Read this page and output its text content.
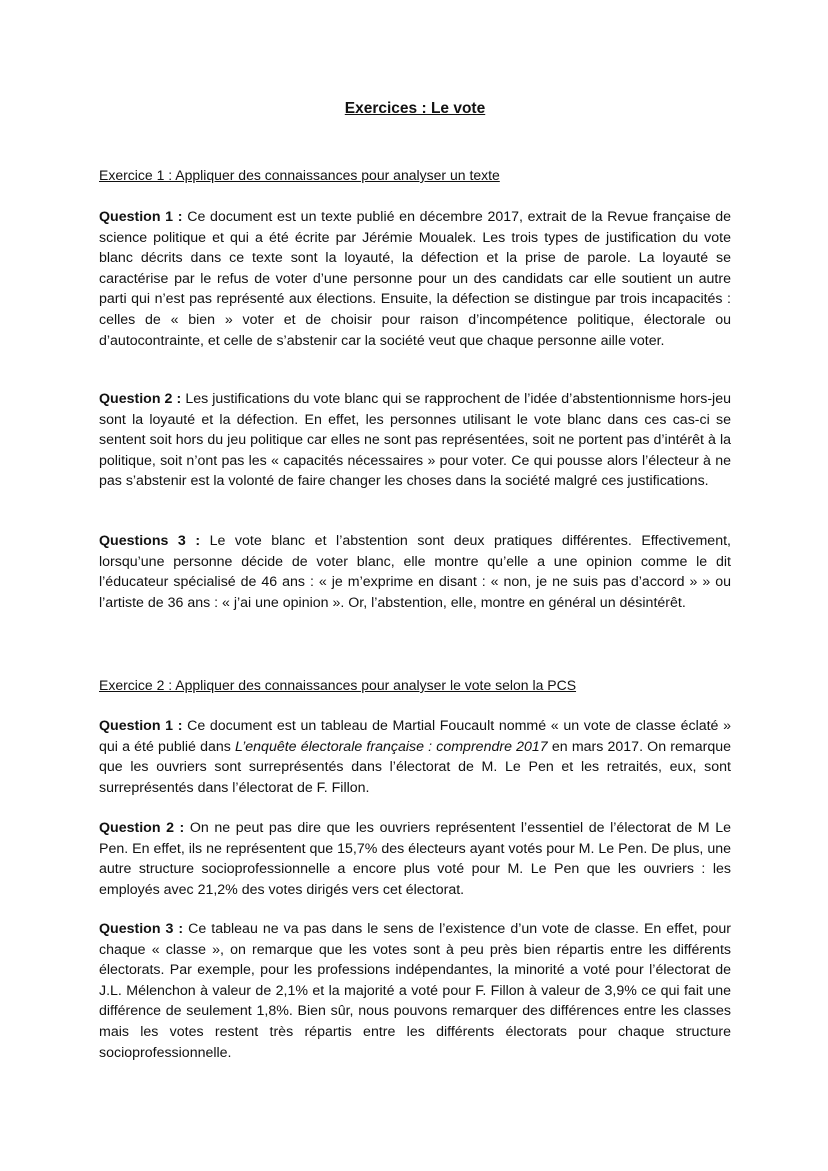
Exercices : Le vote
Exercice 1 : Appliquer des connaissances pour analyser un texte

Question 1 : Ce document est un texte publié en décembre 2017, extrait de la Revue française de science politique et qui a été écrite par Jérémie Moualek. Les trois types de justification du vote blanc décrits dans ce texte sont la loyauté, la défection et la prise de parole. La loyauté se caractérise par le refus de voter d’une personne pour un des candidats car elle soutient un autre parti qui n’est pas représenté aux élections. Ensuite, la défection se distingue par trois incapacités : celles de « bien » voter et de choisir pour raison d’incompétence politique, électorale ou d’autocontrainte, et celle de s’abstenir car la société veut que chaque personne aille voter.

Question 2 : Les justifications du vote blanc qui se rapprochent de l’idée d’abstentionnisme hors-jeu sont la loyauté et la défection. En effet, les personnes utilisant le vote blanc dans ces cas-ci se sentent soit hors du jeu politique car elles ne sont pas représentées, soit ne portent pas d’intérêt à la politique, soit n’ont pas les « capacités nécessaires » pour voter. Ce qui pousse alors l’électeur à ne pas s’abstenir est la volonté de faire changer les choses dans la société malgré ces justifications.

Questions 3 : Le vote blanc et l’abstention sont deux pratiques différentes. Effectivement, lorsqu’une personne décide de voter blanc, elle montre qu’elle a une opinion comme le dit l’éducateur spécialisé de 46 ans : « je m’exprime en disant : « non, je ne suis pas d’accord » » ou l’artiste de 36 ans : « j’ai une opinion ». Or, l’abstention, elle, montre en général un désintérêt.

Exercice 2 : Appliquer des connaissances pour analyser le vote selon la PCS

Question 1 : Ce document est un tableau de Martial Foucault nommé « un vote de classe éclaté » qui a été publié dans L’enquête électorale française : comprendre 2017 en mars 2017. On remarque que les ouvriers sont surreprésentés dans l’électorat de M. Le Pen et les retraités, eux, sont surreprésentés dans l’électorat de F. Fillon.

Question 2 : On ne peut pas dire que les ouvriers représentent l’essentiel de l’électorat de M Le Pen. En effet, ils ne représentent que 15,7% des électeurs ayant votés pour M. Le Pen. De plus, une autre structure socioprofessionnelle a encore plus voté pour M. Le Pen que les ouvriers : les employés avec 21,2% des votes dirigés vers cet électorat.

Question 3 : Ce tableau ne va pas dans le sens de l’existence d’un vote de classe. En effet, pour chaque « classe », on remarque que les votes sont à peu près bien répartis entre les différents électorats. Par exemple, pour les professions indépendantes, la minorité a voté pour l’électorat de J.L. Mélenchon à valeur de 2,1% et la majorité a voté pour F. Fillon à valeur de 3,9% ce qui fait une différence de seulement 1,8%. Bien sûr, nous pouvons remarquer des différences entre les classes mais les votes restent très répartis entre les différents électorats pour chaque structure socioprofessionnelle.
